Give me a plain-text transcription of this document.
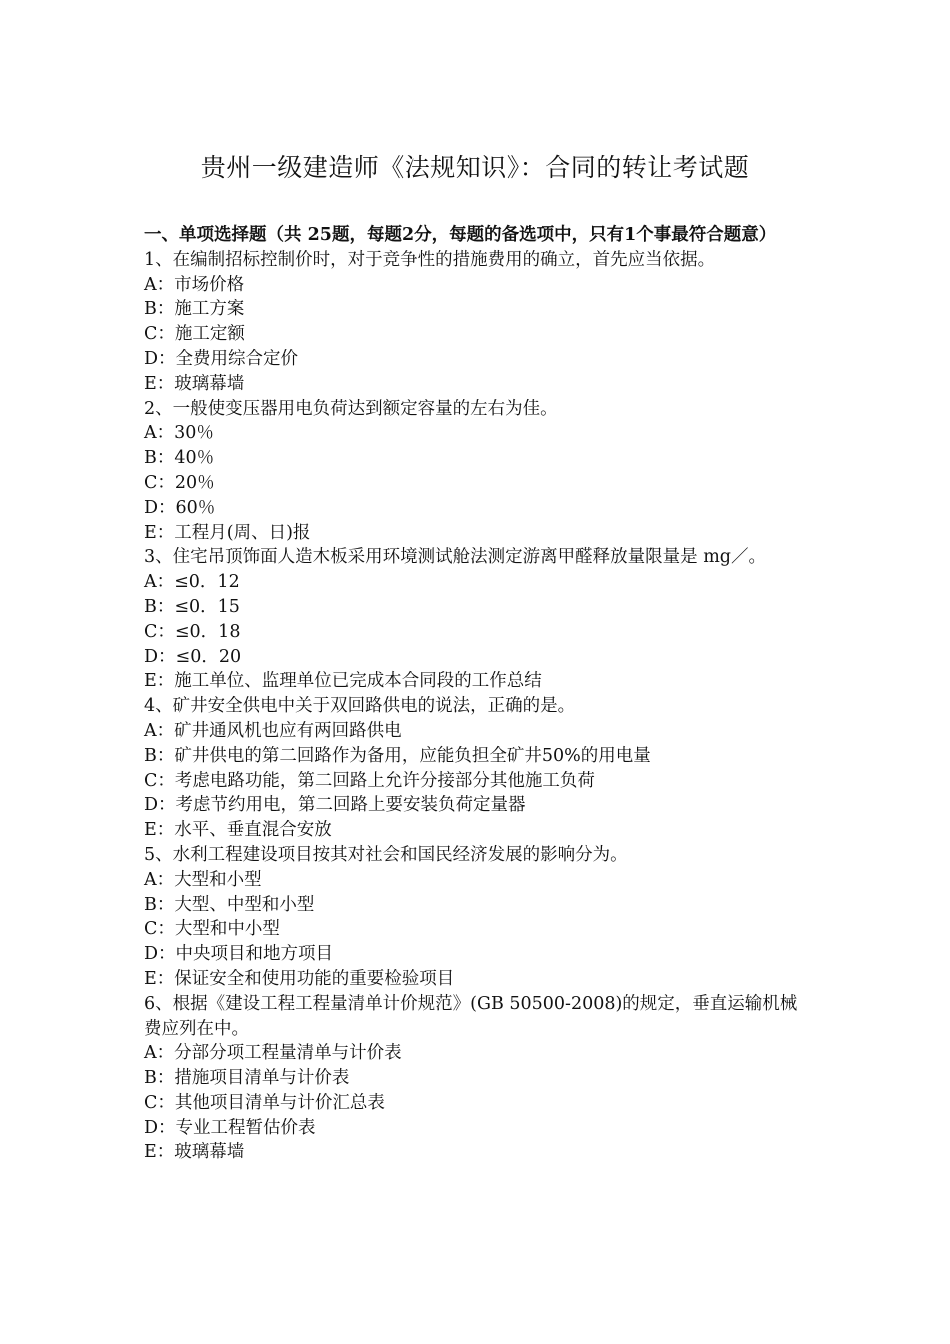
贵州一级建造师《法规知识》：合同的转让考试题

一、单项选择题（共 25题，每题2分，每题的备选项中，只有1个事最符合题意）

1、在编制招标控制价时，对于竞争性的措施费用的确立，首先应当依据。

A：市场价格

B：施工方案

C：施工定额

D：全费用综合定价

E：玻璃幕墙

2、一般使变压器用电负荷达到额定容量的左右为佳。

A：30％

B：40％

C：20％

D：60％

E：工程月(周、日)报

3、住宅吊顶饰面人造木板采用环境测试舱法测定游离甲醛释放量限量是 mg／。

A：≤0．12

B：≤0．15

C：≤0．18

D：≤0．20

E：施工单位、监理单位已完成本合同段的工作总结

4、矿井安全供电中关于双回路供电的说法，正确的是。

A：矿井通风机也应有两回路供电

B：矿井供电的第二回路作为备用，应能负担全矿井50%的用电量

C：考虑电路功能，第二回路上允许分接部分其他施工负荷

D：考虑节约用电，第二回路上要安装负荷定量器

E：水平、垂直混合安放

5、水利工程建设项目按其对社会和国民经济发展的影响分为。

A：大型和小型

B：大型、中型和小型

C：大型和中小型

D：中央项目和地方项目

E：保证安全和使用功能的重要检验项目

6、根据《建设工程工程量清单计价规范》(GB 50500-2008)的规定，垂直运输机械费应列在中。

A：分部分项工程量清单与计价表

B：措施项目清单与计价表

C：其他项目清单与计价汇总表

D：专业工程暂估价表

E：玻璃幕墙
